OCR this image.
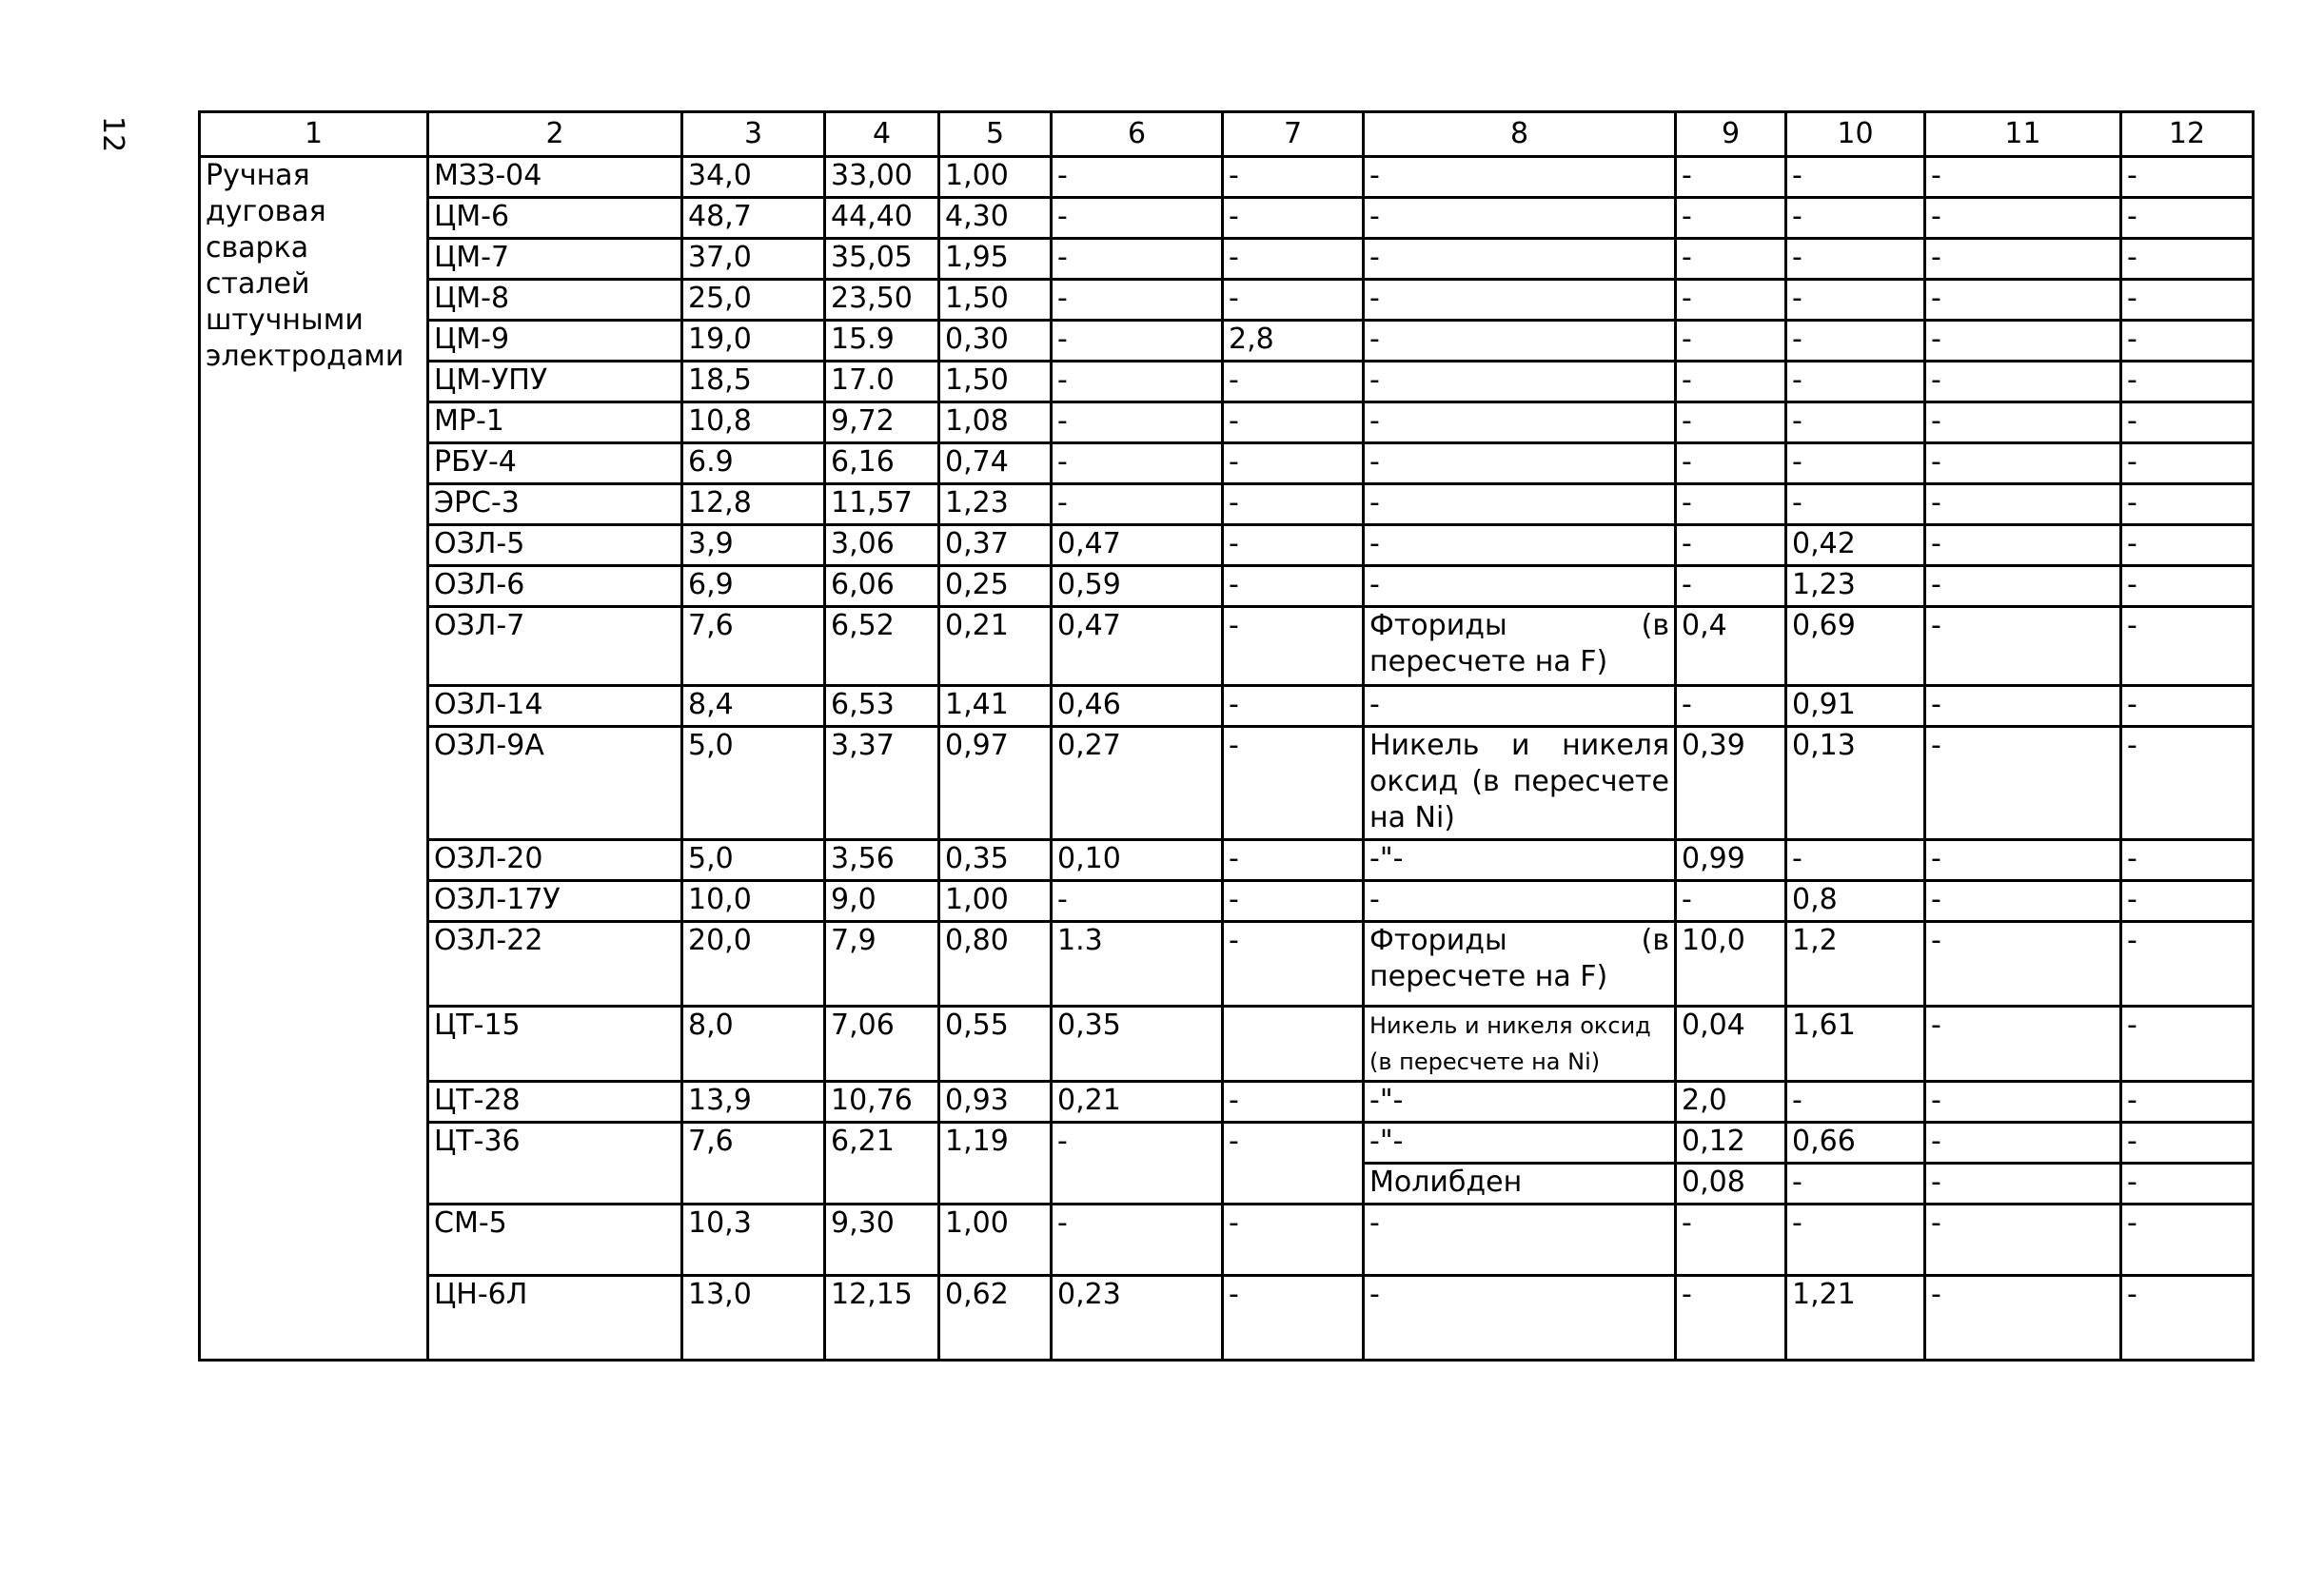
12	1	2	3	4	5	6	7	8	9	10	11	12
Ручная дуговая сварка сталей штучными электродами	МЗЗ-04	34,0	33,00	1,00	-	-	-	-	-	-	-
	ЦМ-6	48,7	44,40	4,30	-	-	-	-	-	-	-
	ЦМ-7	37,0	35,05	1,95	-	-	-	-	-	-	-
	ЦМ-8	25,0	23,50	1,50	-	-	-	-	-	-	-
	ЦМ-9	19,0	15.9	0,30	-	2,8	-	-	-	-	-
	ЦМ-УПУ	18,5	17.0	1,50	-	-	-	-	-	-	-
	МР-1	10,8	9,72	1,08	-	-	-	-	-	-	-
	РБУ-4	6.9	6,16	0,74	-	-	-	-	-	-	-
	ЭРС-3	12,8	11,57	1,23	-	-	-	-	-	-	-
	ОЗЛ-5	3,9	3,06	0,37	0,47	-	-	-	0,42	-	-
	ОЗЛ-6	6,9	6,06	0,25	0,59	-	-	-	1,23	-	-
	ОЗЛ-7	7,6	6,52	0,21	0,47	-	Фториды (в пересчете на F)	0,4	0,69	-	-
	ОЗЛ-14	8,4	6,53	1,41	0,46	-	-	-	0,91	-	-
	ОЗЛ-9А	5,0	3,37	0,97	0,27	-	Никель и никеля оксид (в пересчете на Ni)	0,39	0,13	-	-
	ОЗЛ-20	5,0	3,56	0,35	0,10	-	-"-	0,99	-	-	-
	ОЗЛ-17У	10,0	9,0	1,00	-	-	-	-	0,8	-	-
	ОЗЛ-22	20,0	7,9	0,80	1.3	-	Фториды (в пересчете на F)	10,0	1,2	-	-
	ЦТ-15	8,0	7,06	0,55	0,35		Никель и никеля оксид (в пересчете на Ni)	0,04	1,61	-	-
	ЦТ-28	13,9	10,76	0,93	0,21	-	-"-	2,0	-	-	-
	ЦТ-36	7,6	6,21	1,19	-	-	-"-	0,12	0,66	-	-
							Молибден	0,08	-	-	-
	СМ-5	10,3	9,30	1,00	-	-	-	-	-	-	-
	ЦН-6Л	13,0	12,15	0,62	0,23	-	-	-	1,21	-	-
